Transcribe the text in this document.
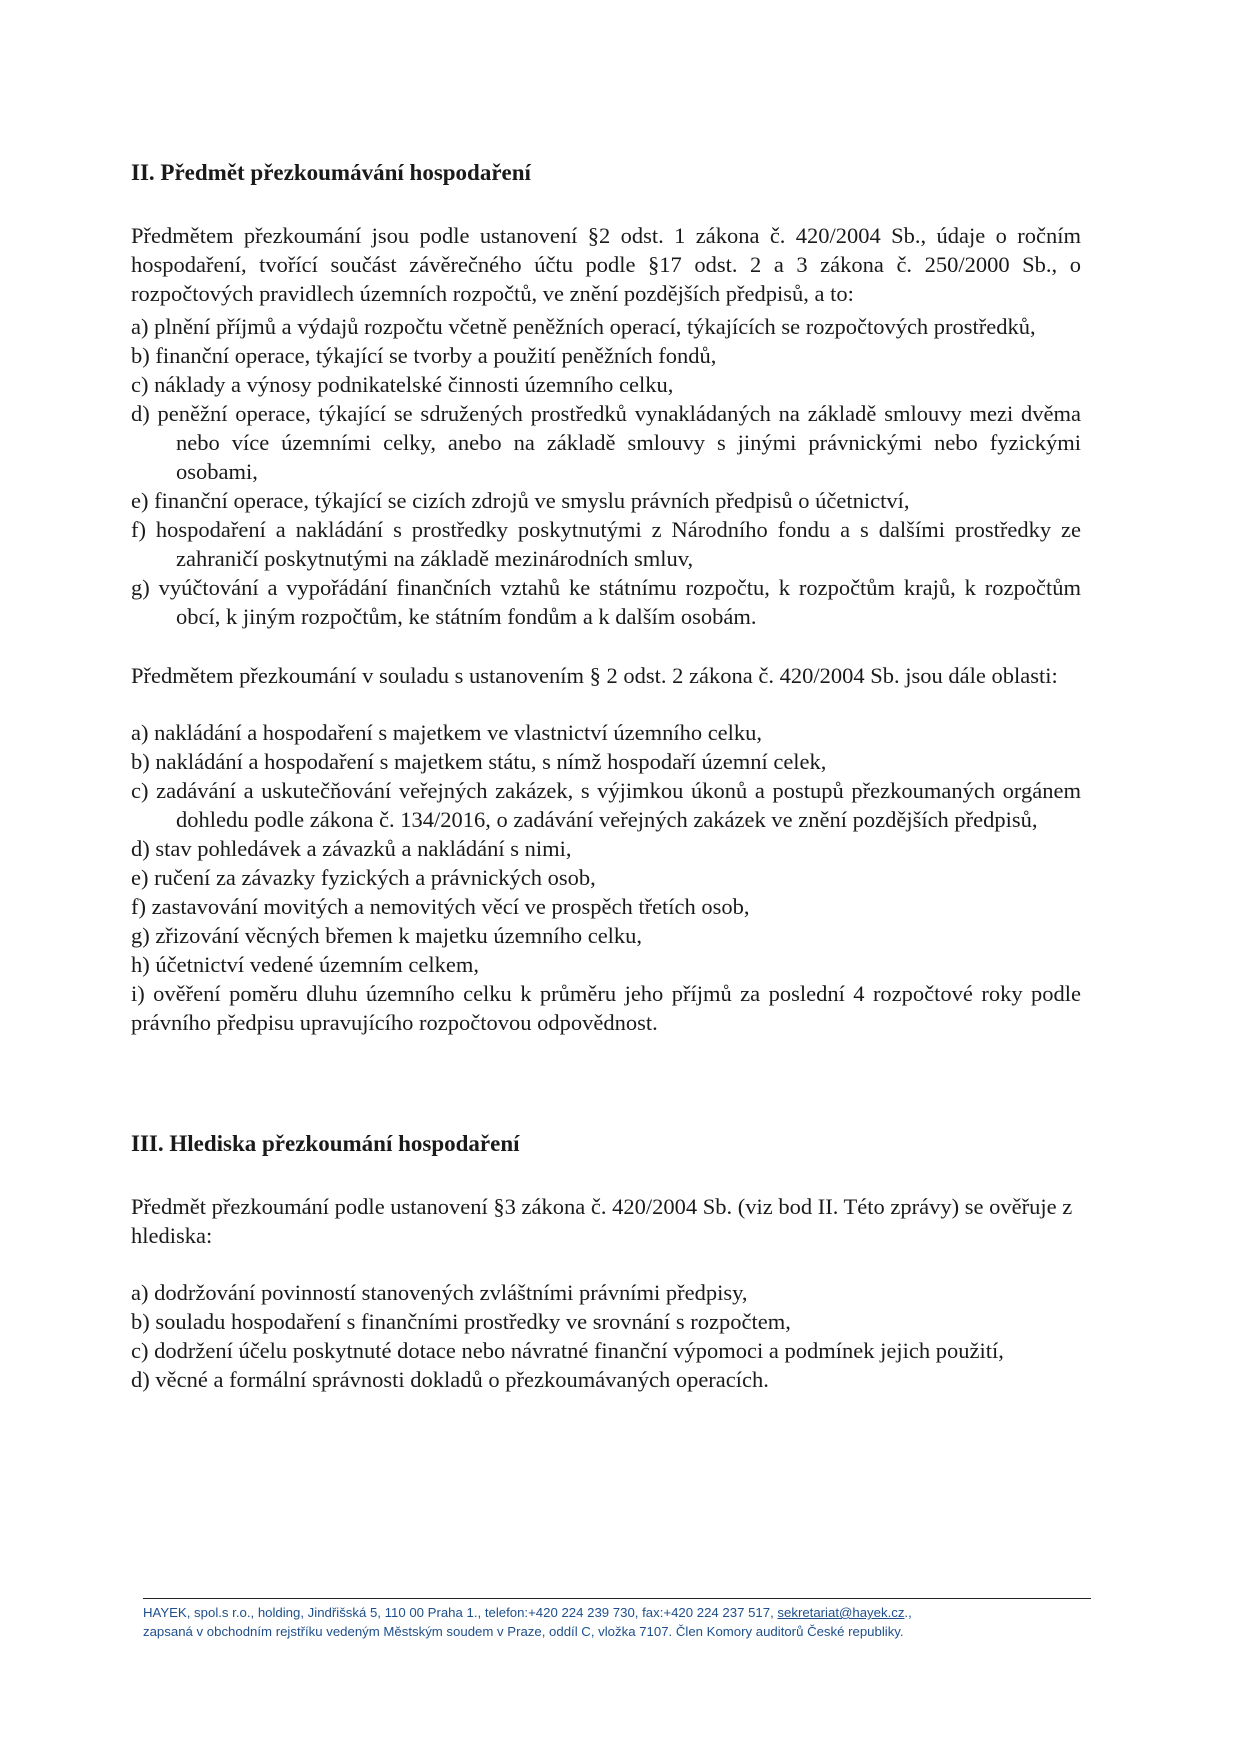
II. Předmět přezkoumávání hospodaření

Předmětem přezkoumání jsou podle ustanovení §2 odst. 1 zákona č. 420/2004 Sb., údaje o ročním hospodaření, tvořící součást závěrečného účtu podle §17 odst. 2 a 3 zákona č. 250/2000 Sb., o rozpočtových pravidlech územních rozpočtů, ve znění pozdějších předpisů, a to:

a) plnění příjmů a výdajů rozpočtu včetně peněžních operací, týkajících se rozpočtových prostředků,
b) finanční operace, týkající se tvorby a použití peněžních fondů,
c) náklady a výnosy podnikatelské činnosti územního celku,
d) peněžní operace, týkající se sdružených prostředků vynakládaných na základě smlouvy mezi dvěma nebo více územními celky, anebo na základě smlouvy s jinými právnickými nebo fyzickými osobami,
e) finanční operace, týkající se cizích zdrojů ve smyslu právních předpisů o účetnictví,
f) hospodaření a nakládání s prostředky poskytnutými z Národního fondu a s dalšími prostředky ze zahraničí poskytnutými na základě mezinárodních smluv,
g) vyúčtování a vypořádání finančních vztahů ke státnímu rozpočtu, k rozpočtům krajů, k rozpočtům obcí, k jiným rozpočtům, ke státním fondům a k dalším osobám.

Předmětem přezkoumání v souladu s ustanovením § 2 odst. 2 zákona č. 420/2004 Sb. jsou dále oblasti:

a) nakládání a hospodaření s majetkem ve vlastnictví územního celku,
b) nakládání a hospodaření s majetkem státu, s nímž hospodaří územní celek,
c) zadávání a uskutečňování veřejných zakázek, s výjimkou úkonů a postupů přezkoumaných orgánem dohledu podle zákona č. 134/2016, o zadávání veřejných zakázek ve znění pozdějších předpisů,
d) stav pohledávek a závazků a nakládání s nimi,
e) ručení za závazky fyzických a právnických osob,
f) zastavování movitých a nemovitých věcí ve prospěch třetích osob,
g) zřizování věcných břemen k majetku územního celku,
h) účetnictví vedené územním celkem,
i) ověření poměru dluhu územního celku k průměru jeho příjmů za poslední 4 rozpočtové roky podle právního předpisu upravujícího rozpočtovou odpovědnost.
III. Hlediska přezkoumání hospodaření

Předmět přezkoumání podle ustanovení §3 zákona č. 420/2004 Sb. (viz bod II. Této zprávy) se ověřuje z hlediska:

a) dodržování povinností stanovených zvláštními právními předpisy,
b) souladu hospodaření s finančními prostředky ve srovnání s rozpočtem,
c) dodržení účelu poskytnuté dotace nebo návratné finanční výpomoci a podmínek jejich použití,
d) věcné a formální správnosti dokladů o přezkoumávaných operacích.
HAYEK, spol.s r.o., holding, Jindřišská 5, 110 00 Praha 1., telefon:+420 224 239 730, fax:+420 224 237 517, sekretariat@hayek.cz.,
zapsaná v obchodním rejstříku vedeným Městským soudem v Praze, oddíl C, vložka 7107. Člen Komory auditorů České republiky.
